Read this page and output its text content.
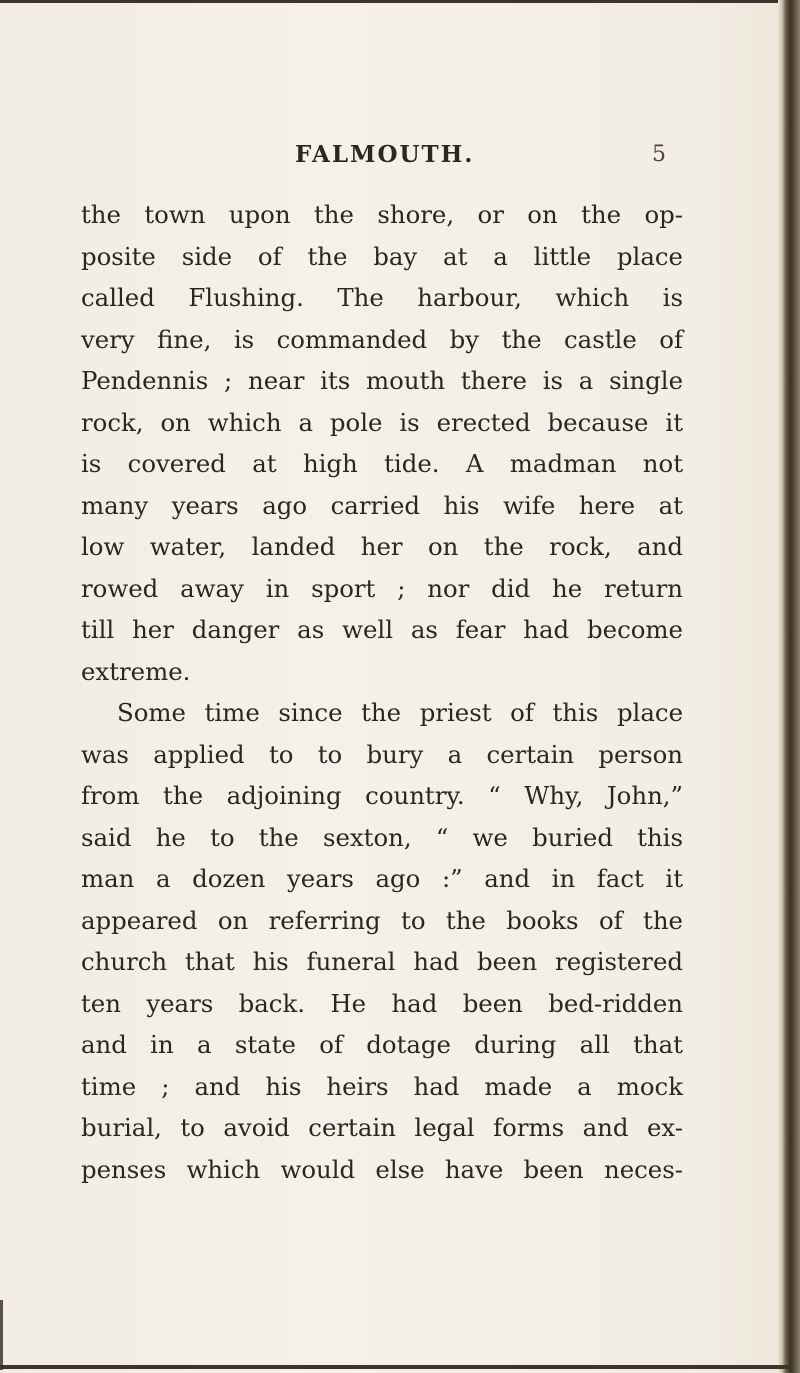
FALMOUTH.	5
the town upon the shore, or on the op-
posite side of the bay at a little place
called Flushing. The harbour, which is
very fine, is commanded by the castle of
Pendennis ; near its mouth there is a single
rock, on which a pole is erected because it
is covered at high tide. A madman not
many years ago carried his wife here at
low water, landed her on the rock, and
rowed away in sport ; nor did he return
till her danger as well as fear had become
extreme.
Some time since the priest of this place
was applied to to bury a certain person
from the adjoining country. “ Why, John,”
said he to the sexton, “ we buried this
man a dozen years ago :” and in fact it
appeared on referring to the books of the
church that his funeral had been registered
ten years back. He had been bed-ridden
and in a state of dotage during all that
time ; and his heirs had made a mock
burial, to avoid certain legal forms and ex-
penses which would else have been neces-
